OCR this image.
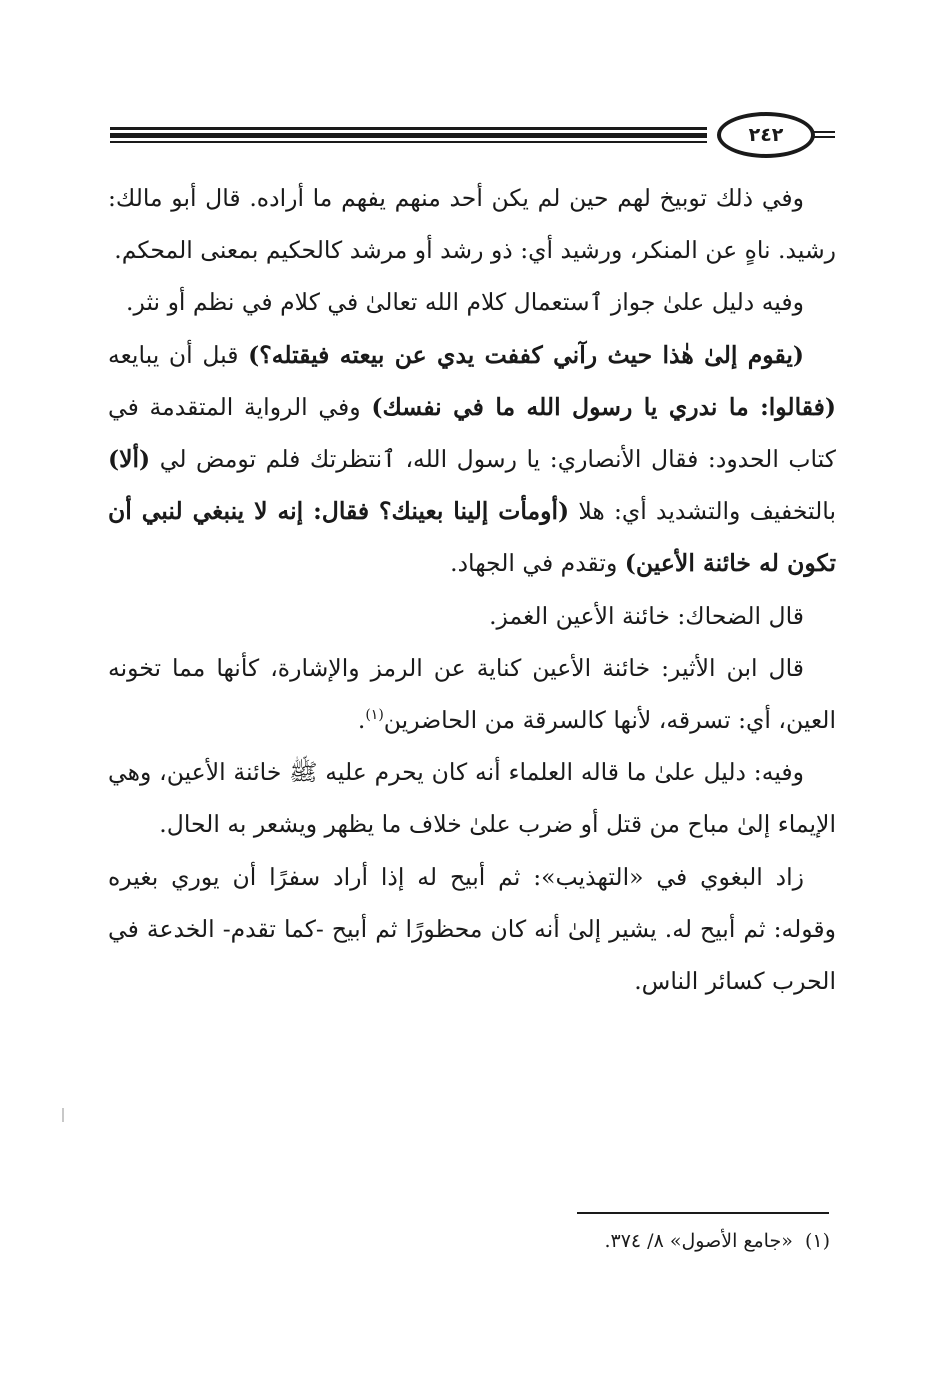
٢٤٢

وفي ذلك توبيخ لهم حين لم يكن أحد منهم يفهم ما أراده. قال أبو مالك: رشيد. ناهٍ عن المنكر، ورشيد أي: ذو رشد أو مرشد كالحكيم بمعنى المحكم.

وفيه دليل علىٰ جواز ٱستعمال كلام الله تعالىٰ في كلام في نظم أو نثر.

(يقوم إلىٰ هٰذا حيث رآني كففت يدي عن بيعته فيقتله؟) قبل أن يبايعه (فقالوا: ما ندري يا رسول الله ما في نفسك) وفي الرواية المتقدمة في كتاب الحدود: فقال الأنصاري: يا رسول الله، ٱنتظرتك فلم تومض لي (ألا) بالتخفيف والتشديد أي: هلا (أومأت إلينا بعينك؟ فقال: إنه لا ينبغي لنبي أن تكون له خائنة الأعين) وتقدم في الجهاد.

قال الضحاك: خائنة الأعين الغمز.

قال ابن الأثير: خائنة الأعين كناية عن الرمز والإشارة، كأنها مما تخونه العين، أي: تسرقه، لأنها كالسرقة من الحاضرين$^{(١)}$.

وفيه: دليل علىٰ ما قاله العلماء أنه كان يحرم عليه ﷺ خائنة الأعين، وهي الإيماء إلىٰ مباح من قتل أو ضرب علىٰ خلاف ما يظهر ويشعر به الحال.

زاد البغوي في «التهذيب»: ثم أبيح له إذا أراد سفرًا أن يوري بغيره وقوله: ثم أبيح له. يشير إلىٰ أنه كان محظورًا ثم أبيح -كما تقدم- الخدعة في الحرب كسائر الناس.

(١)  «جامع الأصول» ٨/ ٣٧٤.
